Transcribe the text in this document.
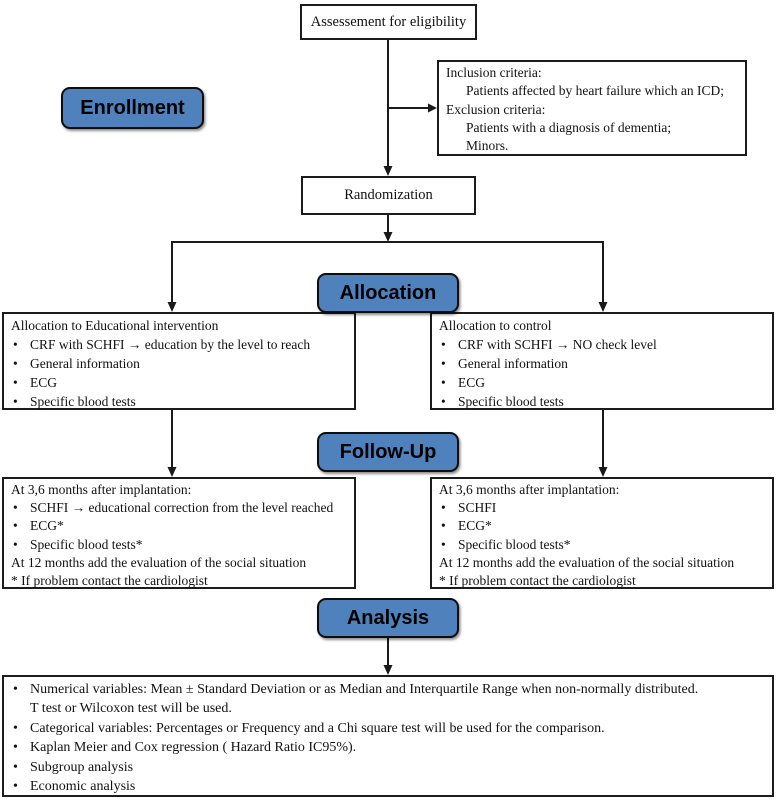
Assessement for eligibility
Inclusion criteria:
Patients affected by heart failure which an ICD;
Exclusion criteria:
Patients with a diagnosis of dementia;
Minors.
Enrollment
Randomization
Allocation
Allocation to Educational intervention
• CRF with SCHFI → education by the level to reach
• General information
• ECG
• Specific blood tests
Allocation to control
• CRF with SCHFI → NO check level
• General information
• ECG
• Specific blood tests
Follow-Up
At 3,6 months after implantation:
• SCHFI → educational correction from the level reached
• ECG*
• Specific blood tests*
At 12 months add the evaluation of the social situation
* If problem contact the cardiologist
At 3,6 months after implantation:
• SCHFI
• ECG*
• Specific blood tests*
At 12 months add the evaluation of the social situation
* If problem contact the cardiologist
Analysis
• Numerical variables: Mean ± Standard Deviation or as Median and Interquartile Range when non-normally distributed.
T test or Wilcoxon test will be used.
• Categorical variables: Percentages or Frequency and a Chi square test will be used for the comparison.
• Kaplan Meier and Cox regression ( Hazard Ratio IC95%).
• Subgroup analysis
• Economic analysis
